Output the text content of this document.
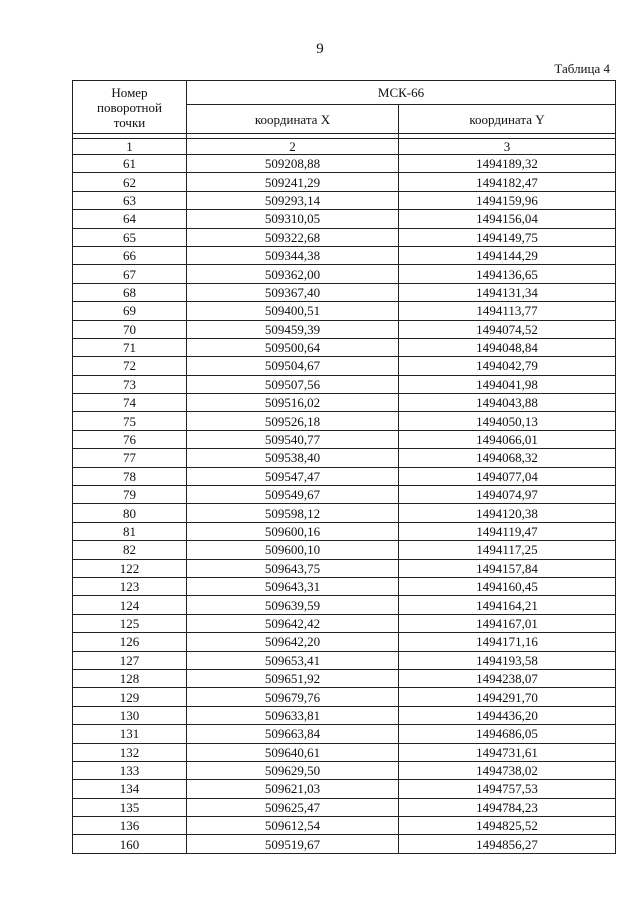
9
Таблица 4
Номер
поворотной
точки	МСК-66	
	координата X	координата Y

1	2	3
61	509208,88	1494189,32
62	509241,29	1494182,47
63	509293,14	1494159,96
64	509310,05	1494156,04
65	509322,68	1494149,75
66	509344,38	1494144,29
67	509362,00	1494136,65
68	509367,40	1494131,34
69	509400,51	1494113,77
70	509459,39	1494074,52
71	509500,64	1494048,84
72	509504,67	1494042,79
73	509507,56	1494041,98
74	509516,02	1494043,88
75	509526,18	1494050,13
76	509540,77	1494066,01
77	509538,40	1494068,32
78	509547,47	1494077,04
79	509549,67	1494074,97
80	509598,12	1494120,38
81	509600,16	1494119,47
82	509600,10	1494117,25
122	509643,75	1494157,84
123	509643,31	1494160,45
124	509639,59	1494164,21
125	509642,42	1494167,01
126	509642,20	1494171,16
127	509653,41	1494193,58
128	509651,92	1494238,07
129	509679,76	1494291,70
130	509633,81	1494436,20
131	509663,84	1494686,05
132	509640,61	1494731,61
133	509629,50	1494738,02
134	509621,03	1494757,53
135	509625,47	1494784,23
136	509612,54	1494825,52
160	509519,67	1494856,27
